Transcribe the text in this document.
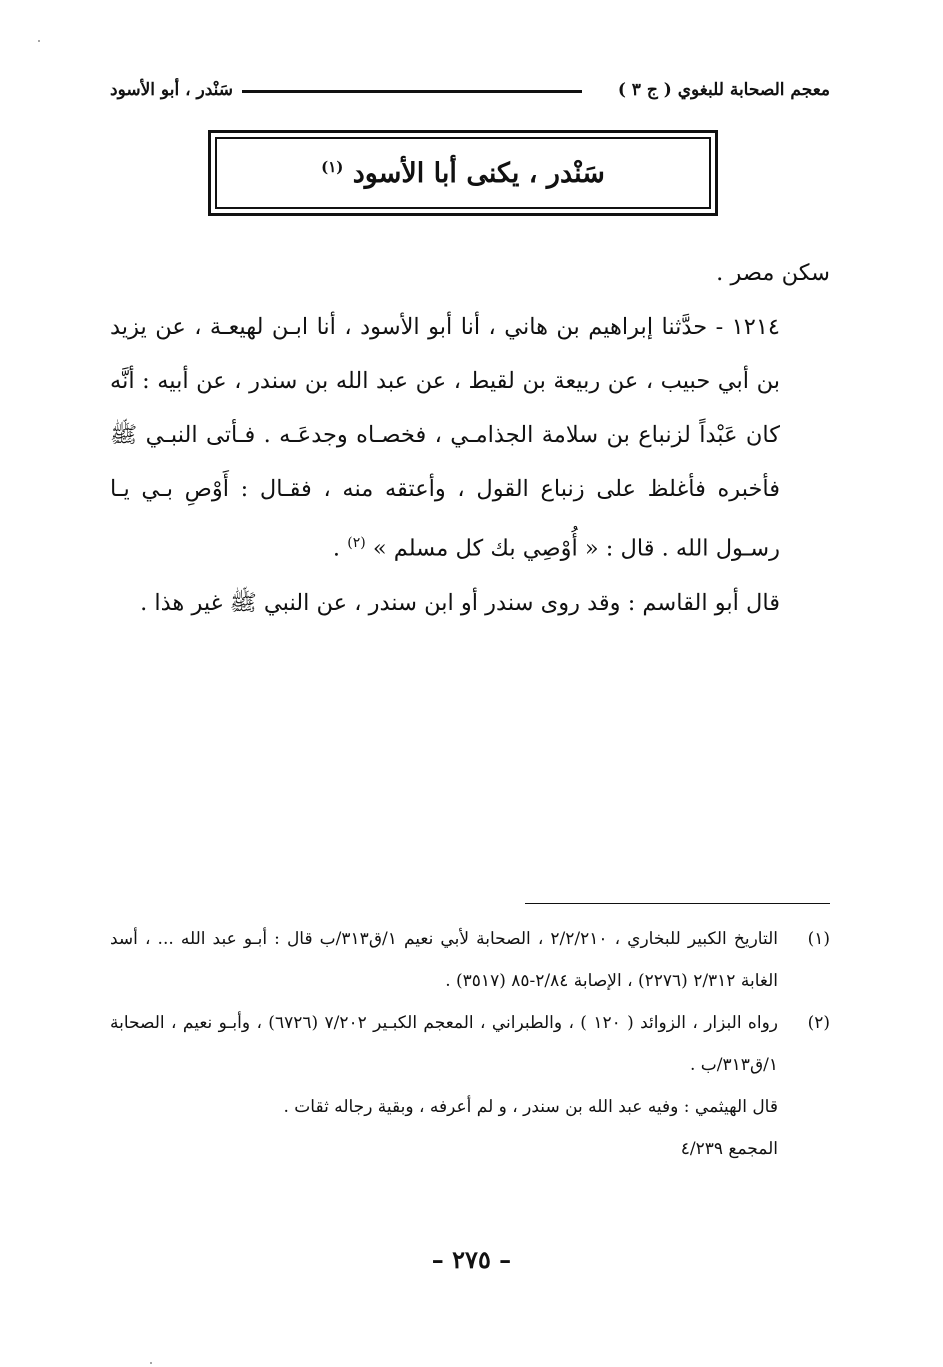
معجم الصحابة للبغوي ( ج ٣ )
سَنْدر ، أبو الأسود
سَنْدر ، يكنى أبا الأسود $^{(١)}$

سكن مصر .

١٢١٤ - حدَّثنا إبراهيم بن هاني ، أنا أبو الأسود ، أنا ابـن لهيعـة ، عن يزيد بن أبي حبيب ، عن ربيعة بن لقيط ، عن عبد الله بن سندر ، عن أبيه : أنَّه كان عَبْداً لزنباع بن سلامة الجذامـي ، فخصـاه وجدعَـه . فـأتى النبـي ﷺ فأخبره فأغلظ على زنباع القول ، وأعتقه منه ، فقـال : أَوْصِ بـي يـا رسـول الله . قال : « أُوْصِي بك كل مسلم » $^{(٢)}$ .

قال أبو القاسم : وقد روى سندر أو ابن سندر ، عن النبي ﷺ غير هذا .

(١)
التاريخ الكبير للبخاري ، ٢/٢/٢١٠ ، الصحابة لأبي نعيم ١/ق٣١٣/ب قال : أبـو عبد الله ... ، أسد الغابة ٢/٣١٢ (٢٢٧٦) ، الإصابة ٢/٨٤-٨٥ (٣٥١٧) .
(٢)
رواه البزار ، الزوائد ( ١٢٠ ) ، والطبراني ، المعجم الكبـير ٧/٢٠٢ (٦٧٢٦) ، وأبـو نعيم ، الصحابة ١/ق٣١٣/ب .
قال الهيثمي : وفيه عبد الله بن سندر ، و لم أعرفه ، وبقية رجاله ثقات .
المجمع ٤/٢٣٩
– ٢٧٥ –
